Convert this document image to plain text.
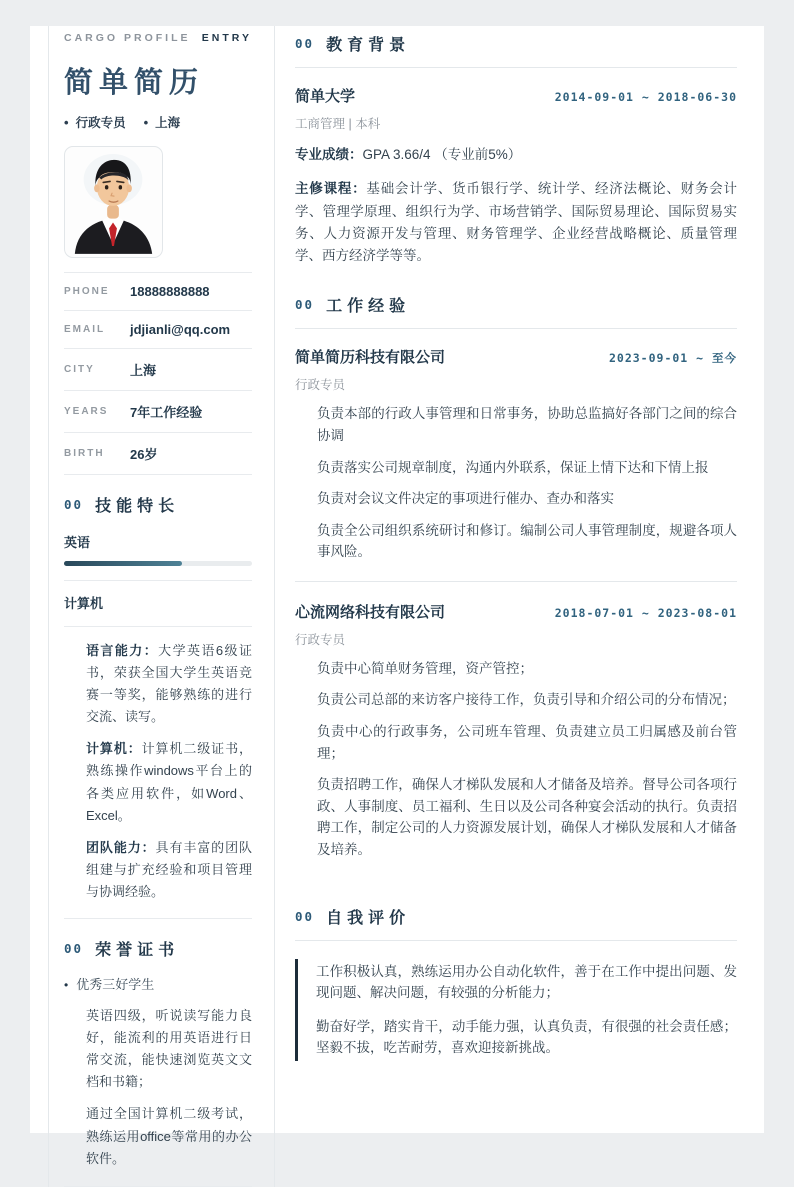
CARGO PROFILE ENTRY
简单简历
• 行政专员 • 上海
PHONE	18888888888
EMAIL	jdjianli@qq.com
CITY	上海
YEARS	7年工作经验
BIRTH	26岁
00 技能特长
英语
计算机

语言能力：大学英语6级证书，荣获全国大学生英语竞赛一等奖，能够熟练的进行交流、读写。

计算机：计算机二级证书，熟练操作windows平台上的各类应用软件，如Word、Excel。

团队能力：具有丰富的团队组建与扩充经验和项目管理与协调经验。

00 荣誉证书
• 优秀三好学生

英语四级，听说读写能力良好，能流利的用英语进行日常交流，能快速浏览英文文档和书籍；

通过全国计算机二级考试，熟练运用office等常用的办公软件。

00 教育背景
简单大学	2014-09-01 ~ 2018-06-30
工商管理 | 本科

专业成绩：GPA 3.66/4 （专业前5%）

主修课程：基础会计学、货币银行学、统计学、经济法概论、财务会计学、管理学原理、组织行为学、市场营销学、国际贸易理论、国际贸易实务、人力资源开发与管理、财务管理学、企业经营战略概论、质量管理学、西方经济学等等。

00 工作经验
简单简历科技有限公司	2023-09-01 ~ 至今
行政专员

负责本部的行政人事管理和日常事务，协助总监搞好各部门之间的综合协调

负责落实公司规章制度，沟通内外联系，保证上情下达和下情上报

负责对会议文件决定的事项进行催办、查办和落实

负责全公司组织系统研讨和修订。编制公司人事管理制度，规避各项人事风险。

心流网络科技有限公司	2018-07-01 ~ 2023-08-01
行政专员

负责中心简单财务管理，资产管控；

负责公司总部的来访客户接待工作，负责引导和介绍公司的分布情况；

负责中心的行政事务，公司班车管理、负责建立员工归属感及前台管理；

负责招聘工作，确保人才梯队发展和人才储备及培养。督导公司各项行政、人事制度、员工福利、生日以及公司各种宴会活动的执行。负责招聘工作，制定公司的人力资源发展计划，确保人才梯队发展和人才储备及培养。

00 自我评价

工作积极认真，熟练运用办公自动化软件，善于在工作中提出问题、发现问题、解决问题，有较强的分析能力；

勤奋好学，踏实肯干，动手能力强，认真负责，有很强的社会责任感；坚毅不拔，吃苦耐劳，喜欢迎接新挑战。
